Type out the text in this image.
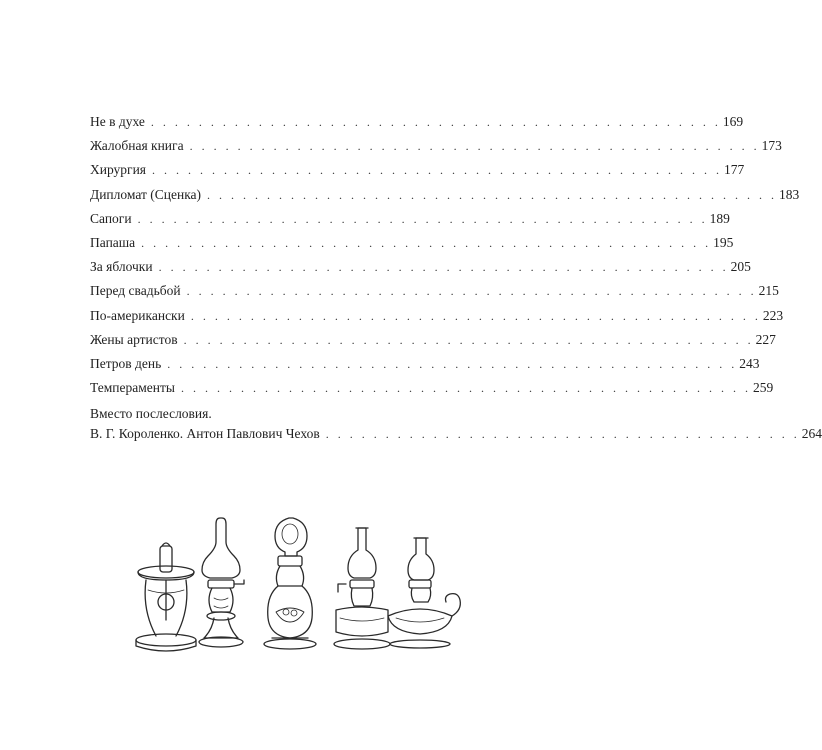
Не в духе . . . . . . . . . . . . . . . . . . . . . . . . . . . . . . . . . . . . . . . . . . . . . . . . 169
Жалобная книга . . . . . . . . . . . . . . . . . . . . . . . . . . . . . . . . . . . . . . . . . . . . . . . . 173
Хирургия . . . . . . . . . . . . . . . . . . . . . . . . . . . . . . . . . . . . . . . . . . . . . . . . 177
Дипломат (Сценка) . . . . . . . . . . . . . . . . . . . . . . . . . . . . . . . . . . . . . . . . . . . . . . . . 183
Сапоги . . . . . . . . . . . . . . . . . . . . . . . . . . . . . . . . . . . . . . . . . . . . . . . . 189
Папаша . . . . . . . . . . . . . . . . . . . . . . . . . . . . . . . . . . . . . . . . . . . . . . . . 195
За яблочки . . . . . . . . . . . . . . . . . . . . . . . . . . . . . . . . . . . . . . . . . . . . . . . . 205
Перед свадьбой . . . . . . . . . . . . . . . . . . . . . . . . . . . . . . . . . . . . . . . . . . . . . . . . 215
По-американски . . . . . . . . . . . . . . . . . . . . . . . . . . . . . . . . . . . . . . . . . . . . . . . . 223
Жены артистов . . . . . . . . . . . . . . . . . . . . . . . . . . . . . . . . . . . . . . . . . . . . . . . . 227
Петров день . . . . . . . . . . . . . . . . . . . . . . . . . . . . . . . . . . . . . . . . . . . . . . . . 243
Темпераменты . . . . . . . . . . . . . . . . . . . . . . . . . . . . . . . . . . . . . . . . . . . . . . . . 259
Вместо послесловия.
В. Г. Короленко. Антон Павлович Чехов . . . . . . . . . . . . . . . . . . . . . . . . . . . . . . . . . . . . . . . . 264
